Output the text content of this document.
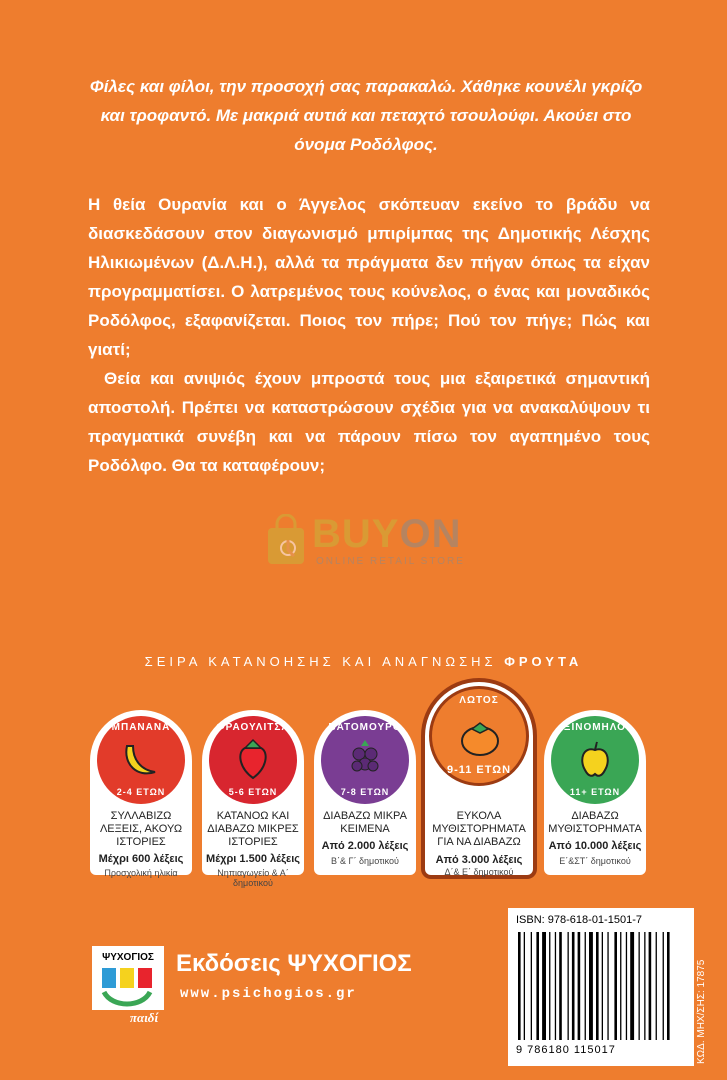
Φίλες και φίλοι, την προσοχή σας παρακαλώ. Χάθηκε κουνέλι γκρίζο και τροφαντό. Με μακριά αυτιά και πεταχτό τσουλούφι. Ακούει στο όνομα Ροδόλφος.

Η θεία Ουρανία και ο Άγγελος σκόπευαν εκείνο το βράδυ να διασκεδάσουν στον διαγωνισμό μπιρίμπας της Δημοτικής Λέσχης Ηλικιωμένων (Δ.Λ.Η.), αλλά τα πράγματα δεν πήγαν όπως τα είχαν προγραμματίσει. Ο λατρεμένος τους κούνελος, ο ένας και μοναδικός Ροδόλφος, εξαφανίζεται. Ποιος τον πήρε; Πού τον πήγε; Πώς και γιατί;

Θεία και ανιψιός έχουν μπροστά τους μια εξαιρετικά σημαντική αποστολή. Πρέπει να καταστρώσουν σχέδια για να ανακαλύψουν τι πραγματικά συνέβη και να πάρουν πίσω τον αγαπημένο τους Ροδόλφο. Θα τα καταφέρουν;

BUYON
ONLINE RETAIL STORE
ΣΕΙΡΑ ΚΑΤΑΝΟΗΣΗΣ ΚΑΙ ΑΝΑΓΝΩΣΗΣ ΦΡΟΥΤΑ
ΜΠΑΝΑΝΑ
2-4 ΕΤΩΝ
ΣΥΛΛΑΒΙΖΩ ΛΕΞΕΙΣ, ΑΚΟΥΩ ΙΣΤΟΡΙΕΣ
Μέχρι 600 λέξεις
Προσχολική ηλικία
ΦΡΑΟΥΛΙΤΣΑ
5-6 ΕΤΩΝ
ΚΑΤΑΝΟΩ ΚΑΙ ΔΙΑΒΑΖΩ ΜΙΚΡΕΣ ΙΣΤΟΡΙΕΣ
Μέχρι 1.500 λέξεις
Νηπιαγωγείο & Α΄ δημοτικού
ΒΑΤΟΜΟΥΡΟ
7-8 ΕΤΩΝ
ΔΙΑΒΑΖΩ ΜΙΚΡΑ ΚΕΙΜΕΝΑ
Από 2.000 λέξεις
Β΄& Γ΄ δημοτικού
ΛΩΤΟΣ
9-11 ΕΤΩΝ
ΕΥΚΟΛΑ ΜΥΘΙΣΤΟΡΗΜΑΤΑ ΓΙΑ ΝΑ ΔΙΑΒΑΖΩ
Από 3.000 λέξεις
Δ΄& Ε΄ δημοτικού
ΞΙΝΟΜΗΛΟ
11+ ΕΤΩΝ
ΔΙΑΒΑΖΩ ΜΥΘΙΣΤΟΡΗΜΑΤΑ
Από 10.000 λέξεις
Ε΄&ΣΤ΄ δημοτικού
ISBN: 978-618-01-1501-7
9 786180 115017	ΚΩΔ. ΜΗΧ/ΣΗΣ: 17875
ΨΥΧΟΓΙΟΣ
παιδί
Εκδόσεις ΨΥΧΟΓΙΟΣ
www.psichogios.gr
